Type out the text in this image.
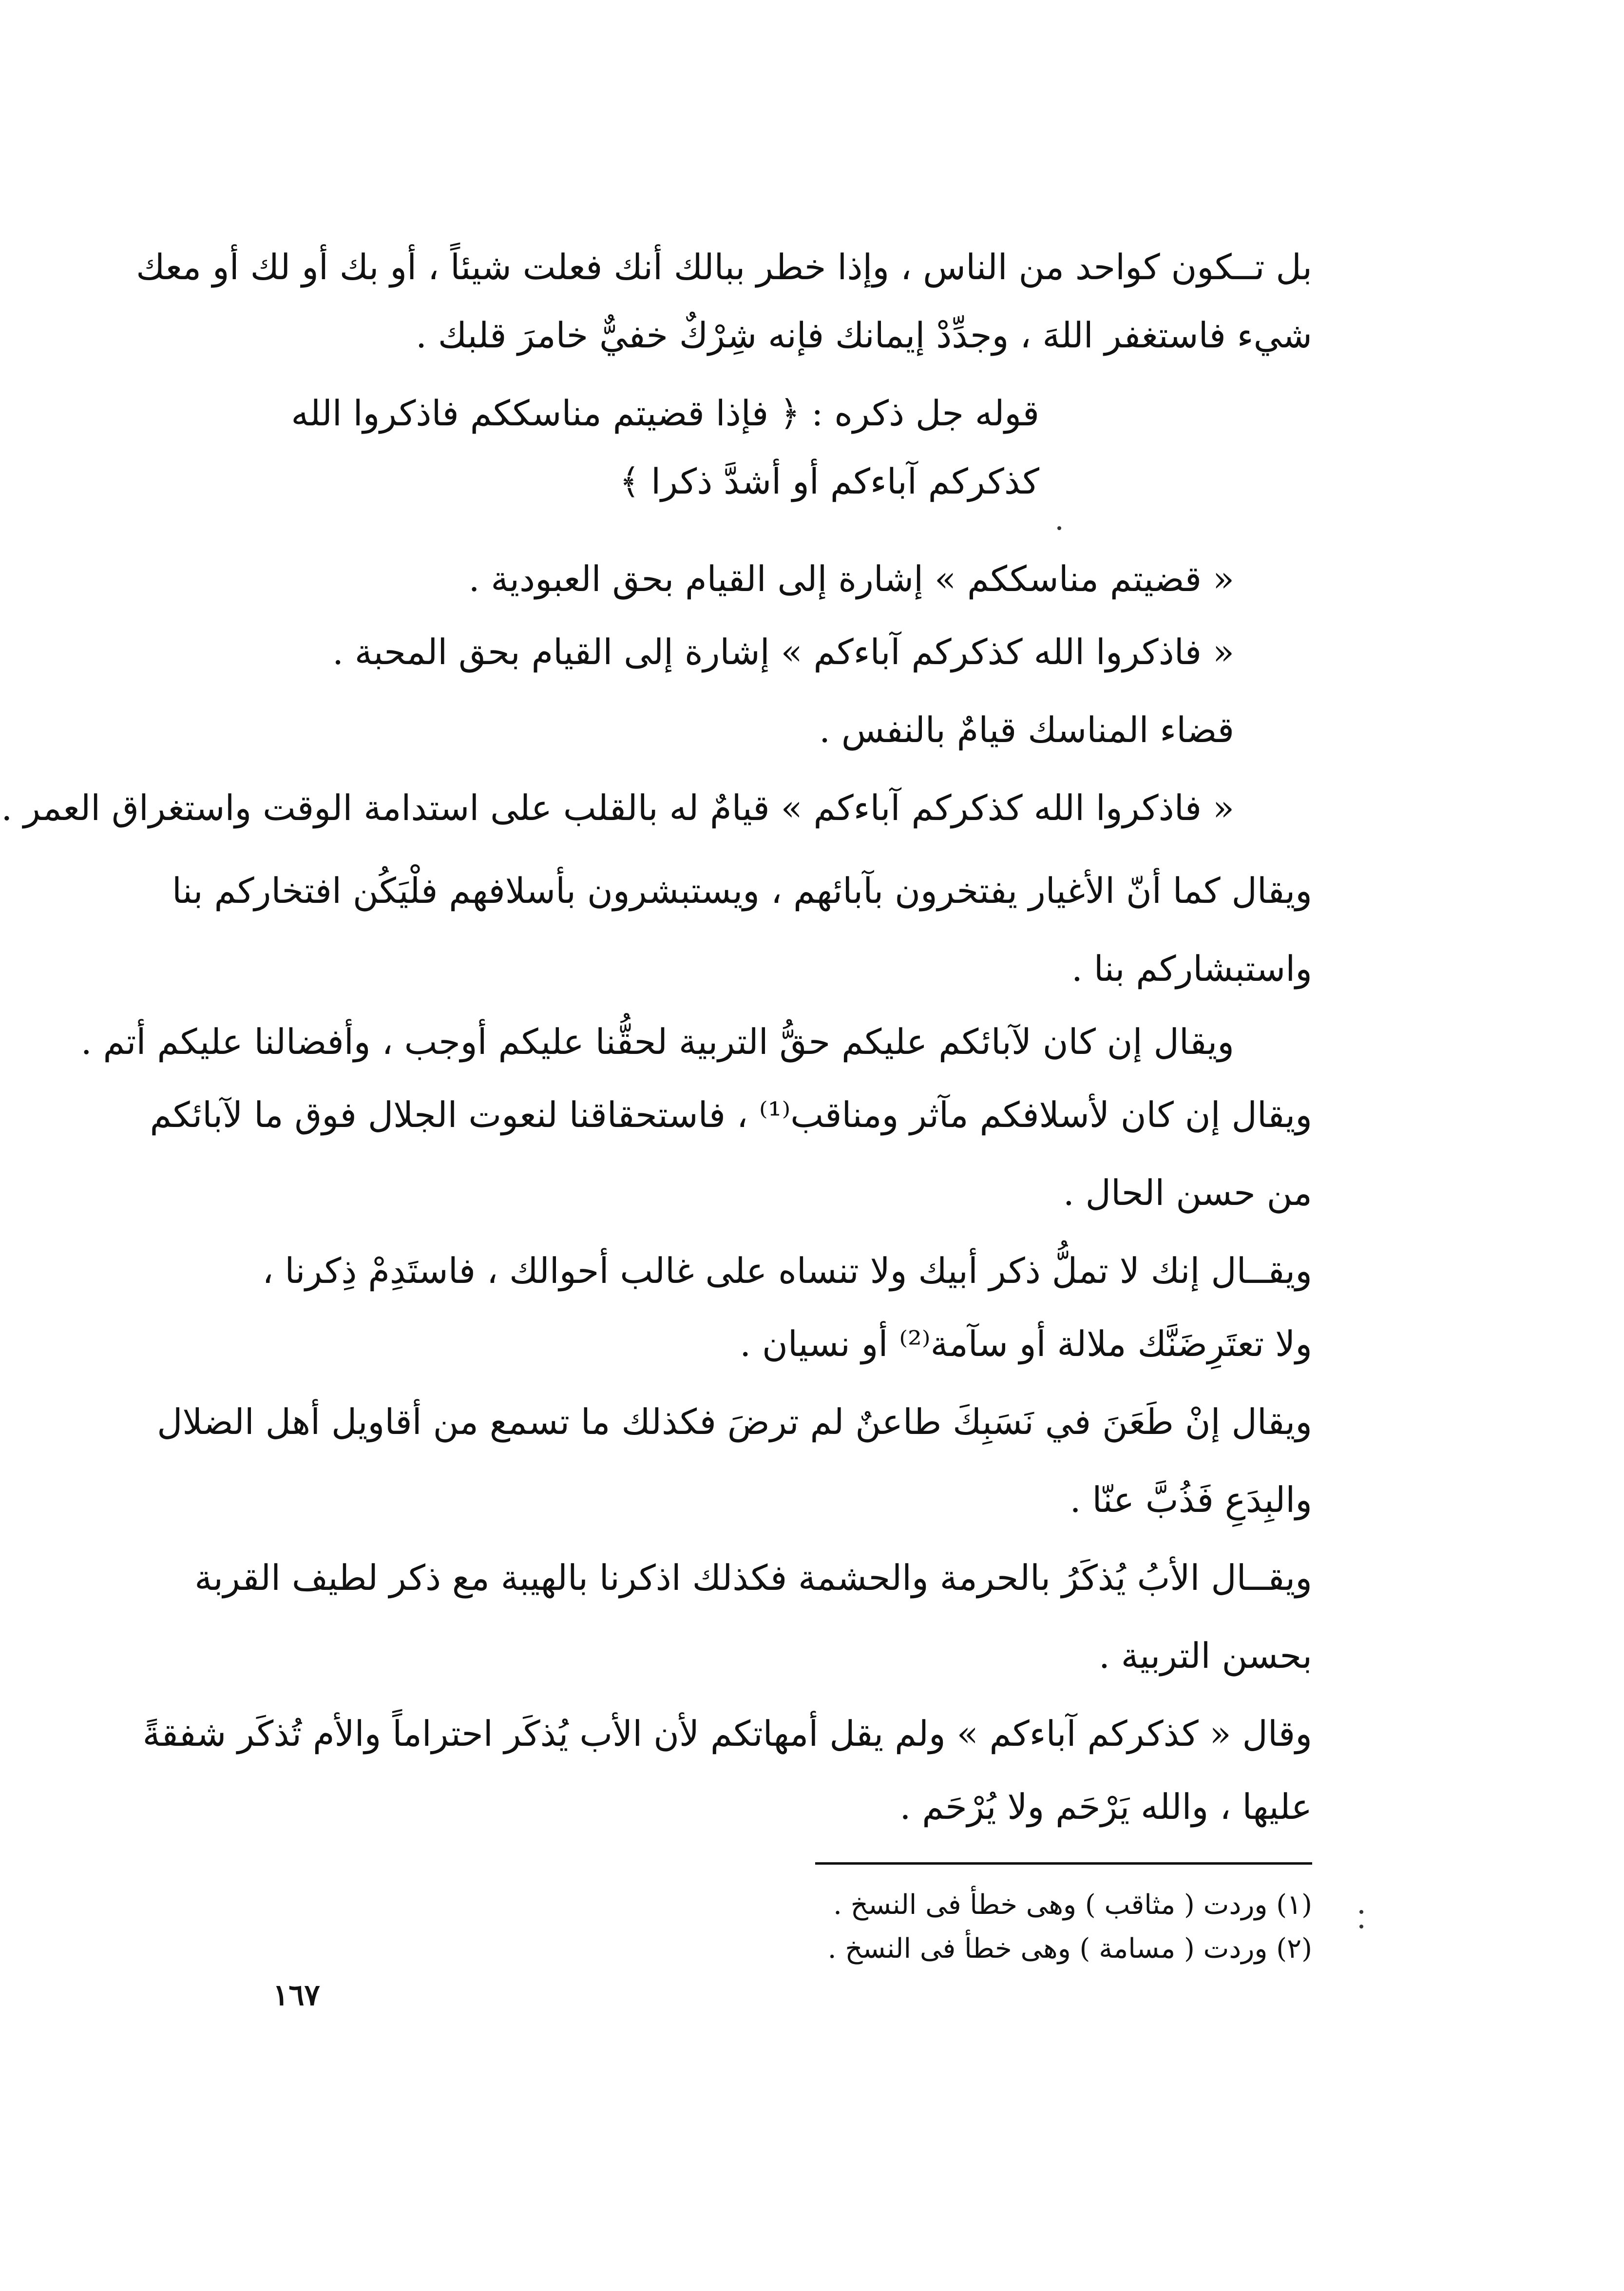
بل تــكون كواحد من الناس ، وإذا خطر ببالك أنك فعلت شيئاً ، أو بك أو لك أو معك
شيء فاستغفر اللهَ ، وجدِّدْ إيمانك فإنه شِرْكٌ خفيٌّ خامرَ قلبك .
قوله جل ذكره : ﴿ فإذا قضيتم مناسككم فاذكروا الله
كذكركم آباءكم أو أشدَّ ذكرا ﴾
« قضيتم مناسككم » إشارة إلى القيام بحق العبودية .
« فاذكروا الله كذكركم آباءكم » إشارة إلى القيام بحق المحبة .
قضاء المناسك قيامٌ بالنفس .
« فاذكروا الله كذكركم آباءكم » قيامٌ له بالقلب على استدامة الوقت واستغراق العمر .
ويقال كما أنّ الأغيار يفتخرون بآبائهم ، ويستبشرون بأسلافهم فلْيَكُن افتخاركم بنا
واستبشاركم بنا .
ويقال إن كان لآبائكم عليكم حقُّ التربية لحقُّنا عليكم أوجب ، وأفضالنا عليكم أتم .
ويقال إن كان لأسلافكم مآثر ومناقب⁽¹⁾ ، فاستحقاقنا لنعوت الجلال فوق ما لآبائكم
من حسن الحال .
ويقــال إنك لا تملُّ ذكر أبيك ولا تنساه على غالب أحوالك ، فاستَدِمْ ذِكرنا ،
ولا تعتَرِضَنَّك ملالة أو سآمة⁽²⁾ أو نسيان .
ويقال إنْ طَعَنَ في نَسَبِكَ طاعنٌ لم ترضَ فكذلك ما تسمع من أقاويل أهل الضلال
والبِدَعِ فَذُبَّ عنّا .
ويقــال الأبُ يُذكَرُ بالحرمة والحشمة فكذلك اذكرنا بالهيبة مع ذكر لطيف القربة
بحسن التربية .
وقال « كذكركم آباءكم » ولم يقل أمهاتكم لأن الأب يُذكَر احتراماً والأم تُذكَر شفقةً
عليها ، والله يَرْحَم ولا يُرْحَم .
(١) وردت ( مثاقب ) وهى خطأ فى النسخ .
(٢) وردت ( مسامة ) وهى خطأ فى النسخ .
١٦٧
